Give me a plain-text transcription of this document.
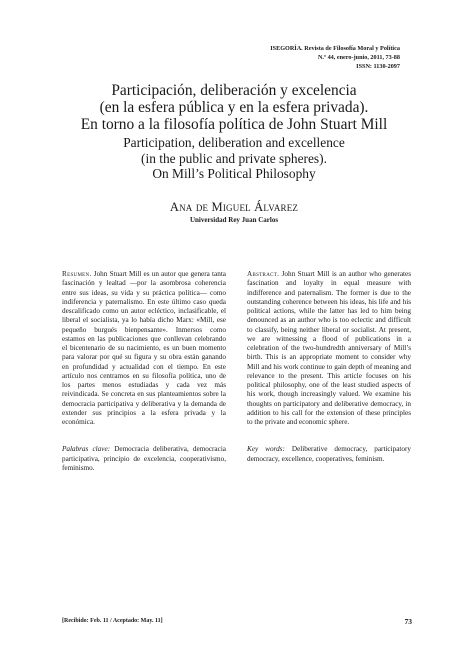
ISEGORÍA. Revista de Filosofía Moral y Política
N.º 44, enero-junio, 2011, 73-88
ISSN: 1130-2097
Participación, deliberación y excelencia
(en la esfera pública y en la esfera privada).
En torno a la filosofía política de John Stuart Mill
Participation, deliberation and excellence
(in the public and private spheres).
On Mill’s Political Philosophy
Ana de Miguel Álvarez
Universidad Rey Juan Carlos
Resumen. John Stuart Mill es un autor que genera tanta fascinación y lealtad —por la asombrosa coherencia entre sus ideas, su vida y su práctica política— como indiferencia y paternalismo. En este último caso queda descalificado como un autor ecléctico, inclasificable, el liberal el socialista, ya lo había dicho Marx: «Mill, ese pequeño burgués bienpensante». Inmersos como estamos en las publicaciones que conllevan celebrando el bicentenario de su nacimiento, es un buen momento para valorar por qué su figura y su obra están ganando en profundidad y actualidad con el tiempo. En este artículo nos centramos en su filosofía política, uno de los partes menos estudiadas y cada vez más reivindicada. Se concreta en sus planteamientos sobre la democracia participativa y deliberativa y la demanda de extender sus principios a la esfera privada y la económica.
Palabras clave: Democracia deliberativa, democracia participativa, principio de excelencia, cooperativismo, feminismo.
Abstract. John Stuart Mill is an author who generates fascination and loyalty in equal measure with indifference and paternalism. The former is due to the outstanding coherence between his ideas, his life and his political actions, while the latter has led to him being denounced as an author who is too eclectic and difficult to classify, being neither liberal or socialist. At present, we are witnessing a flood of publications in a celebration of the two-hundredth anniversary of Mill’s birth. This is an appropriate moment to consider why Mill and his work continue to gain depth of meaning and relevance to the present. This article focuses on his political philosophy, one of the least studied aspects of his work, though increasingly valued. We examine his thoughts on participatory and deliberative democracy, in addition to his call for the extension of these principles to the private and economic sphere.
Key words: Deliberative democracy, participatory democracy, excellence, cooperatives, feminism.
[Recibido: Feb. 11 / Aceptado: May. 11]	73
